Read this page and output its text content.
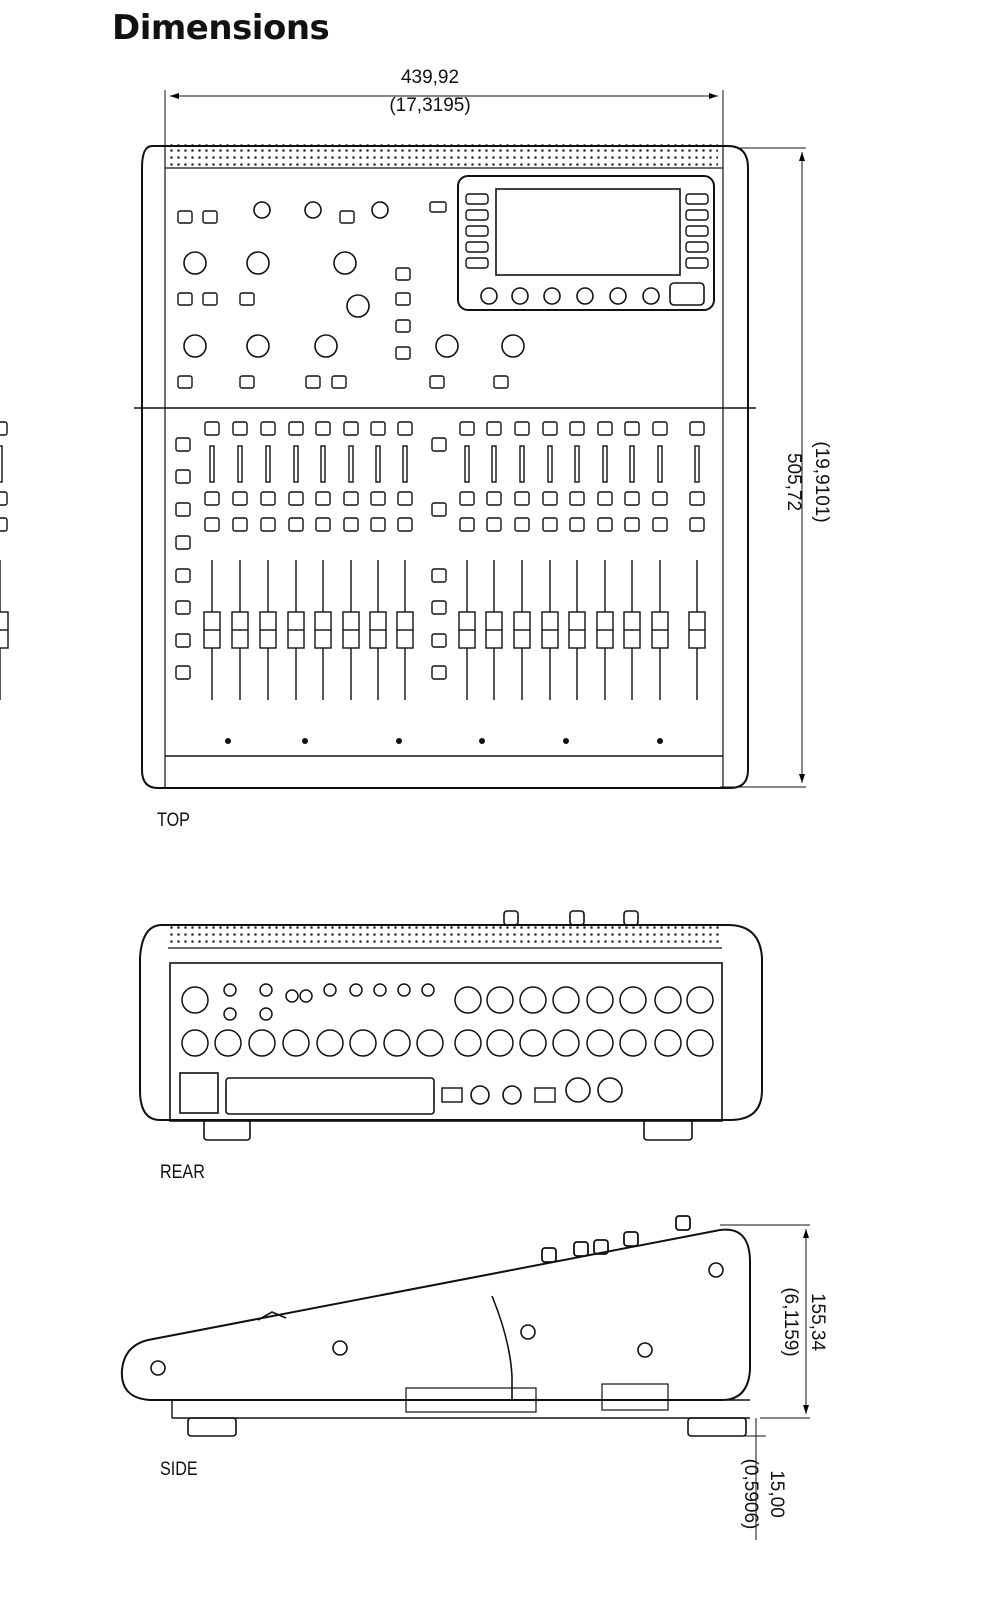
Dimensions
439,92
(17,3195)
505,72 (19,9101)
155,34
(6,1159)
15,00
(0,5906)
TOP
REAR
SIDE
